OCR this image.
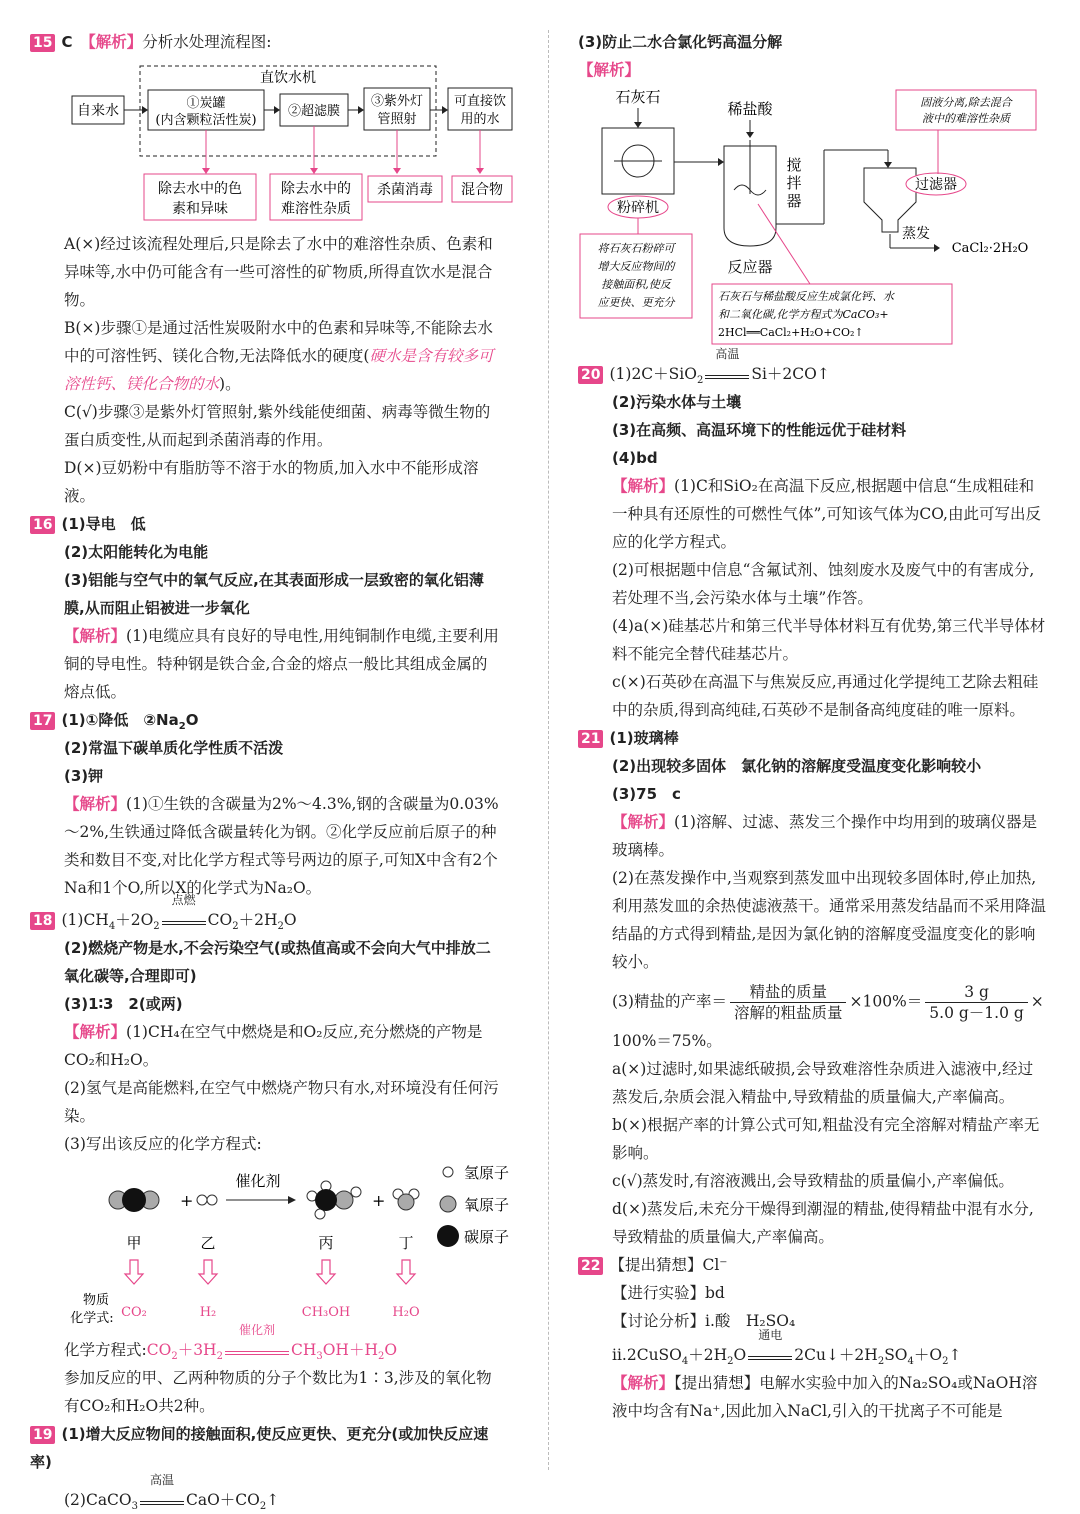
15 C　 【解析】分析水处理流程图:

直饮水机
自来水	①炭罐
(内含颗粒活性炭)
②超滤膜
③紫外灯
管照射
可直接饮
用的水
除去水中的色
素和异味
除去水中的
难溶性杂质
杀菌消毒 混合物

A(×)经过该流程处理后,只是除去了水中的难溶性杂质、色素和异味等,水中仍可能含有一些可溶性的矿物质,所得直饮水是混合物。

B(×)步骤①是通过活性炭吸附水中的色素和异味等,不能除去水中的可溶性钙、镁化合物,无法降低水的硬度(硬水是含有较多可溶性钙、镁化合物的水)。

C(√)步骤③是紫外灯管照射,紫外线能使细菌、病毒等微生物的蛋白质变性,从而起到杀菌消毒的作用。

D(×)豆奶粉中有脂肪等不溶于水的物质,加入水中不能形成溶液。

16 (1)导电　低

(2)太阳能转化为电能

(3)铝能与空气中的氧气反应,在其表面形成一层致密的氧化铝薄膜,从而阻止铝被进一步氧化

【解析】(1)电缆应具有良好的导电性,用纯铜制作电缆,主要利用铜的导电性。特种钢是铁合金,合金的熔点一般比其组成金属的熔点低。

17 (1)①降低　$②Na_2O$

(2)常温下碳单质化学性质不活泼

(3)钾

【解析】(1)①生铁的含碳量为2%～4.3%,钢的含碳量为0.03%～2%,生铁通过降低含碳量转化为钢。②化学反应前后原子的种类和数目不变,对比化学方程式等号两边的原子,可知X中含有2个Na和1个O,所以X的化学式为Na₂O。

18 $(1)CH_4+2O_2$
点燃
$CO_2+2H_2O$

(2)燃烧产物是水,不会污染空气(或热值高或不会向大气中排放二氧化碳等,合理即可)

(3)1∶3　2(或两)

【解析】(1)CH₄在空气中燃烧是和O₂反应,充分燃烧的产物是CO₂和H₂O。

(2)氢气是高能燃料,在空气中燃烧产物只有水,对环境没有任何污染。

(3)写出该反应的化学方程式:

+
催化剂
+
氢原子
氧原子
碳原子
甲	乙	丙	丁
物质
化学式: CO₂	H₂	CH₃OH	H₂O

化学方程式$:CO_2+3H_2$
催化剂
$CH_3OH+H_2O$

参加反应的甲、乙两种物质的分子个数比为1∶3,涉及的氧化物有CO₂和H₂O共2种。

19 (1)增大反应物间的接触面积,使反应更快、更充分(或加快反应速率)

(2)CaCO$_3$
高温
$CaO+CO_2↑$

(3)防止二水合氯化钙高温分解

【解析】

石灰石
粉碎机
稀盐酸
搅
拌
器
反应器
过滤器
蒸发
CaCl₂·2H₂O
固液分离,除去混合
液中的难溶性杂质
将石灰石粉碎可
增大反应物间的
接触面积,使反
应更快、更充分	石灰石与稀盐酸反应生成氯化钙、水
和二氧化碳,化学方程式为CaCO₃+
2HCl══CaCl₂+H₂O+CO₂↑

20 (1)2C＋SiO$_2$
高温
Si＋2CO↑

(2)污染水体与土壤

(3)在高频、高温环境下的性能远优于硅材料

(4)bd

【解析】(1)C和SiO₂在高温下反应,根据题中信息“生成粗硅和一种具有还原性的可燃性气体”,可知该气体为CO,由此可写出反应的化学方程式。

(2)可根据题中信息“含氟试剂、蚀刻废水及废气中的有害成分,若处理不当,会污染水体与土壤”作答。

(4)a(×)硅基芯片和第三代半导体材料互有优势,第三代半导体材料不能完全替代硅基芯片。

c(×)石英砂在高温下与焦炭反应,再通过化学提纯工艺除去粗硅中的杂质,得到高纯硅,石英砂不是制备高纯度硅的唯一原料。

21 (1)玻璃棒

(2)出现较多固体　氯化钠的溶解度受温度变化影响较小

(3)75　c

【解析】(1)溶解、过滤、蒸发三个操作中均用到的玻璃仪器是玻璃棒。

(2)在蒸发操作中,当观察到蒸发皿中出现较多固体时,停止加热,利用蒸发皿的余热使滤液蒸干。通常采用蒸发结晶而不采用降温结晶的方式得到精盐,是因为氯化钠的溶解度受温度变化的影响较小。

(3)精盐的产率＝ $\frac{\text{精盐的质量}}{\text{溶解的粗盐质量}} \times 100\%= \frac{3 g}{5.0 g-1.0 g}$ ×

100%＝75%。

a(×)过滤时,如果滤纸破损,会导致难溶性杂质进入滤液中,经过蒸发后,杂质会混入精盐中,导致精盐的质量偏大,产率偏高。

b(×)根据产率的计算公式可知,粗盐没有完全溶解对精盐产率无影响。

c(√)蒸发时,有溶液溅出,会导致精盐的质量偏小,产率偏低。

d(×)蒸发后,未充分干燥得到潮湿的精盐,使得精盐中混有水分,导致精盐的质量偏大,产率偏高。

22 【提出猜想】Cl⁻

【进行实验】bd

【讨论分析】ⅰ.酸　H₂SO₄

$ⅱ.2CuSO_4+2H_2O$
通电
$2Cu↓+2H_2SO_4+O_2↑$

【解析】【提出猜想】电解水实验中加入的Na₂SO₄或NaOH溶液中均含有Na⁺,因此加入NaCl,引入的干扰离子不可能是
